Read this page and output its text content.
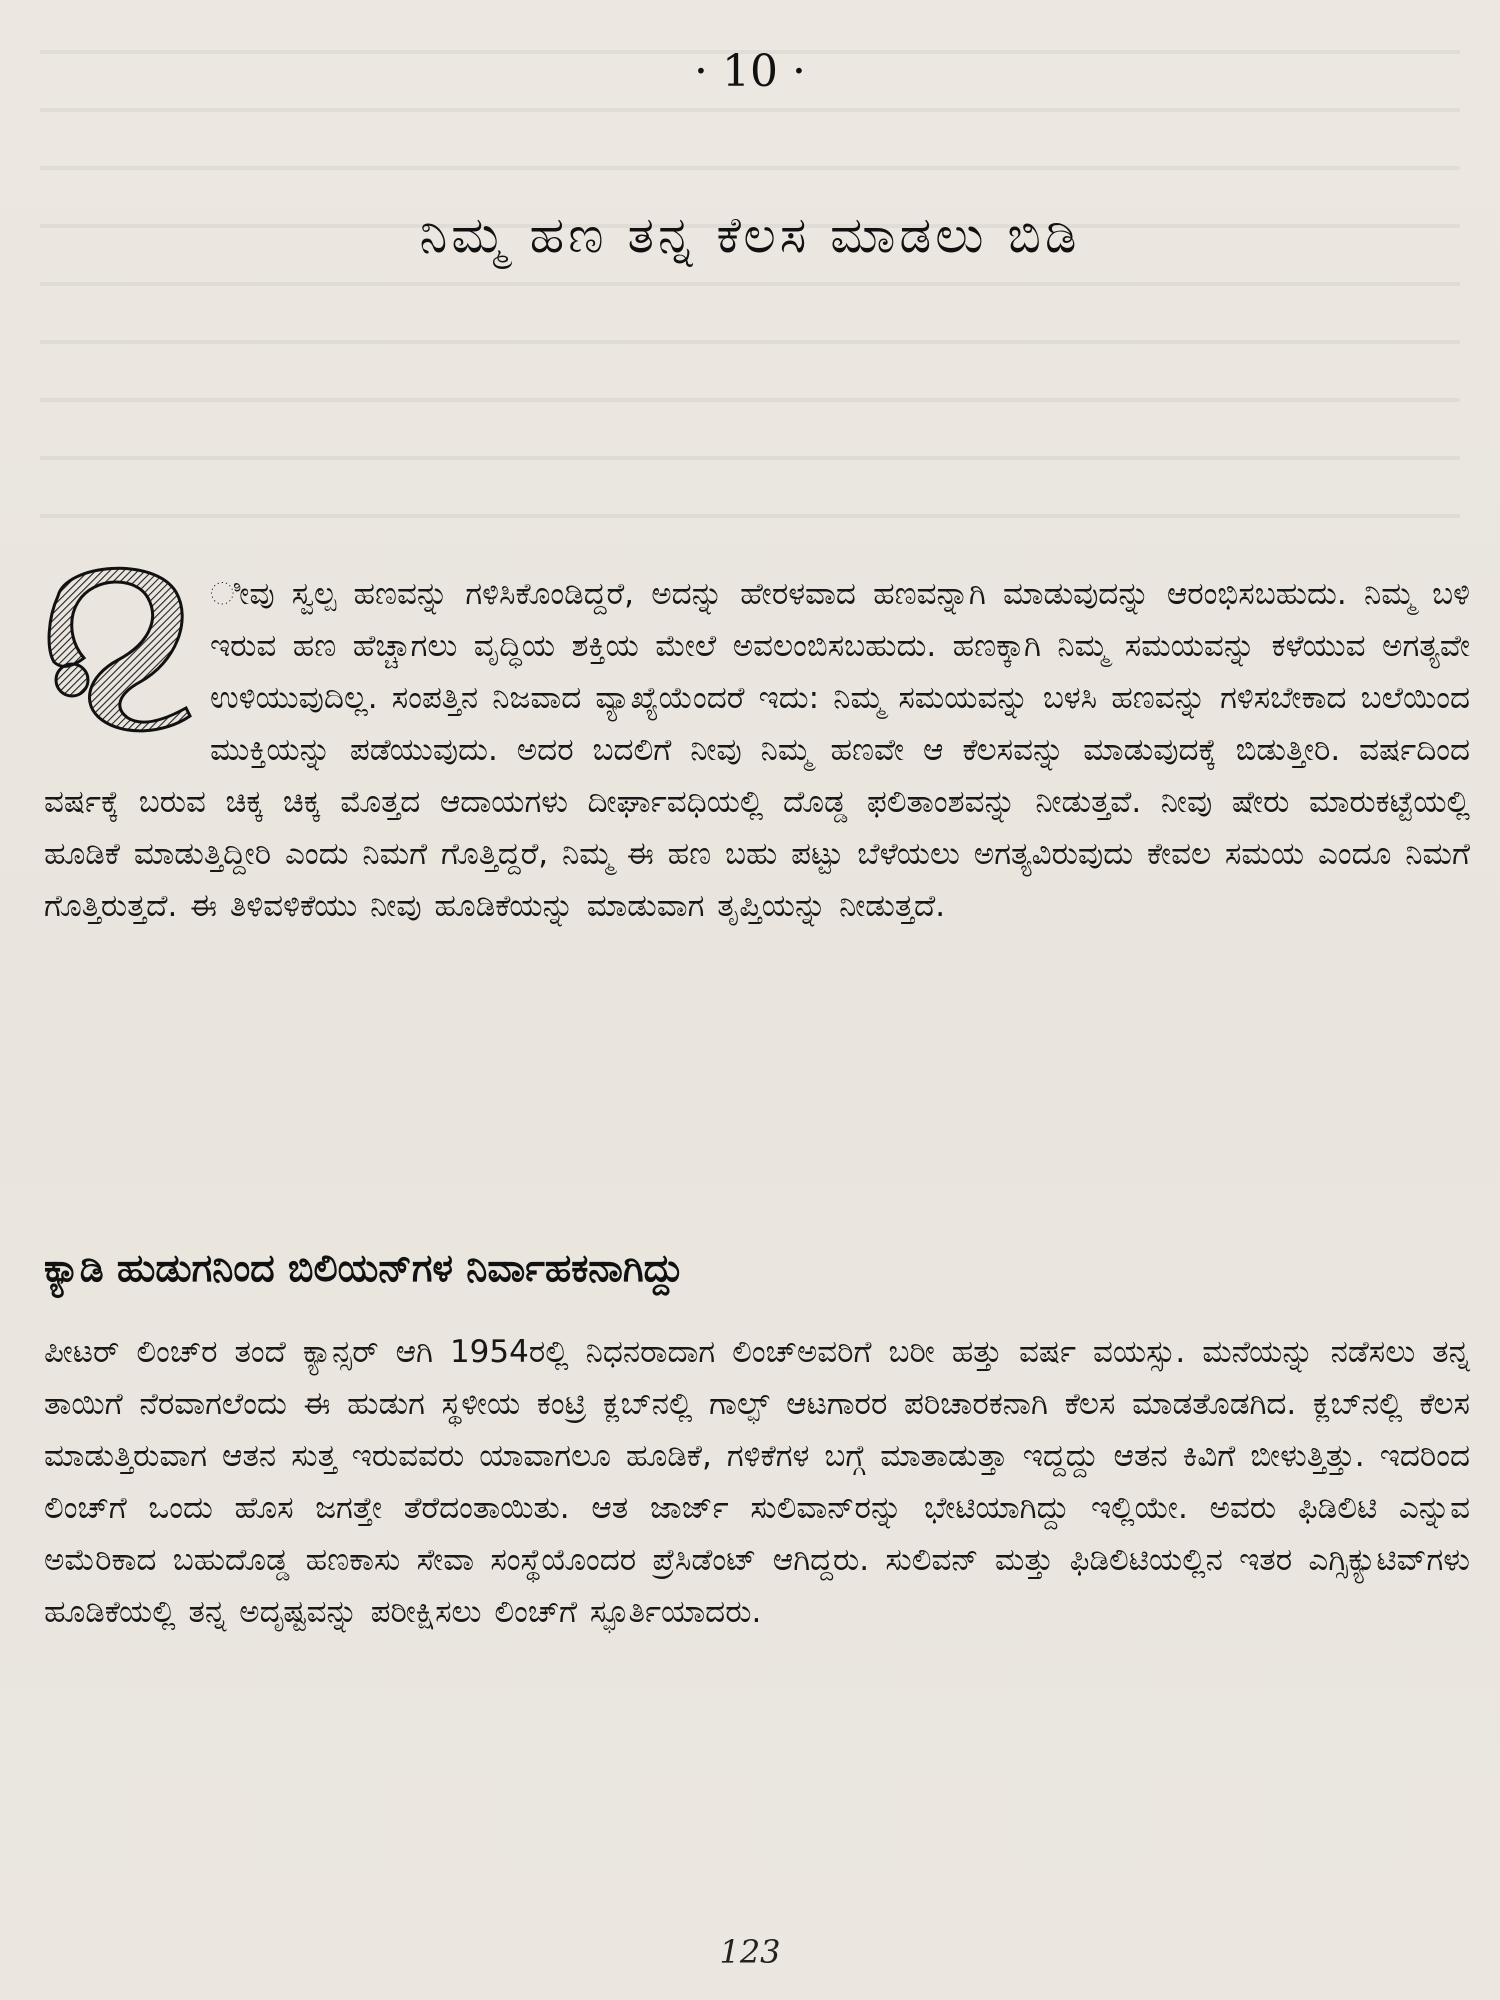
· 10 ·
ನಿಮ್ಮ ಹಣ ತನ್ನ ಕೆಲಸ ಮಾಡಲು ಬಿಡಿ

ೀವು ಸ್ವಲ್ಪ ಹಣವನ್ನು ಗಳಿಸಿಕೊಂಡಿದ್ದರೆ, ಅದನ್ನು ಹೇರಳವಾದ ಹಣವನ್ನಾಗಿ ಮಾಡುವುದನ್ನು ಆರಂಭಿಸಬಹುದು. ನಿಮ್ಮ ಬಳಿ ಇರುವ ಹಣ ಹೆಚ್ಚಾಗಲು ವೃದ್ಧಿಯ ಶಕ್ತಿಯ ಮೇಲೆ ಅವಲಂಬಿಸಬಹುದು. ಹಣಕ್ಕಾಗಿ ನಿಮ್ಮ ಸಮಯವನ್ನು ಕಳೆಯುವ ಅಗತ್ಯವೇ ಉಳಿಯುವುದಿಲ್ಲ. ಸಂಪತ್ತಿನ ನಿಜವಾದ ವ್ಯಾಖ್ಯೆಯೆಂದರೆ ಇದು: ನಿಮ್ಮ ಸಮಯವನ್ನು ಬಳಸಿ ಹಣವನ್ನು ಗಳಿಸಬೇಕಾದ ಬಲೆಯಿಂದ ಮುಕ್ತಿಯನ್ನು ಪಡೆಯುವುದು. ಅದರ ಬದಲಿಗೆ ನೀವು ನಿಮ್ಮ ಹಣವೇ ಆ ಕೆಲಸವನ್ನು ಮಾಡುವುದಕ್ಕೆ ಬಿಡುತ್ತೀರಿ. ವರ್ಷದಿಂದ ವರ್ಷಕ್ಕೆ ಬರುವ ಚಿಕ್ಕ ಚಿಕ್ಕ ಮೊತ್ತದ ಆದಾಯಗಳು ದೀರ್ಘಾವಧಿಯಲ್ಲಿ ದೊಡ್ಡ ಫಲಿತಾಂಶವನ್ನು ನೀಡುತ್ತವೆ. ನೀವು ಷೇರು ಮಾರುಕಟ್ಟೆಯಲ್ಲಿ ಹೂಡಿಕೆ ಮಾಡುತ್ತಿದ್ದೀರಿ ಎಂದು ನಿಮಗೆ ಗೊತ್ತಿದ್ದರೆ, ನಿಮ್ಮ ಈ ಹಣ ಬಹು ಪಟ್ಟು ಬೆಳೆಯಲು ಅಗತ್ಯವಿರುವುದು ಕೇವಲ ಸಮಯ ಎಂದೂ ನಿಮಗೆ ಗೊತ್ತಿರುತ್ತದೆ. ಈ ತಿಳಿವಳಿಕೆಯು ನೀವು ಹೂಡಿಕೆಯನ್ನು ಮಾಡುವಾಗ ತೃಪ್ತಿಯನ್ನು ನೀಡುತ್ತದೆ.

ಕ್ಯಾಡಿ ಹುಡುಗನಿಂದ ಬಿಲಿಯನ್‌ಗಳ ನಿರ್ವಾಹಕನಾಗಿದ್ದು

ಪೀಟರ್ ಲಿಂಚ್‌ರ ತಂದೆ ಕ್ಯಾನ್ಸರ್ ಆಗಿ 1954ರಲ್ಲಿ ನಿಧನರಾದಾಗ ಲಿಂಚ್‌ಅವರಿಗೆ ಬರೀ ಹತ್ತು ವರ್ಷ ವಯಸ್ಸು. ಮನೆಯನ್ನು ನಡೆಸಲು ತನ್ನ ತಾಯಿಗೆ ನೆರವಾಗಲೆಂದು ಈ ಹುಡುಗ ಸ್ಥಳೀಯ ಕಂಟ್ರಿ ಕ್ಲಬ್‌ನಲ್ಲಿ ಗಾಲ್ಫ್ ಆಟಗಾರರ ಪರಿಚಾರಕನಾಗಿ ಕೆಲಸ ಮಾಡತೊಡಗಿದ. ಕ್ಲಬ್‌ನಲ್ಲಿ ಕೆಲಸ ಮಾಡುತ್ತಿರುವಾಗ ಆತನ ಸುತ್ತ ಇರುವವರು ಯಾವಾಗಲೂ ಹೂಡಿಕೆ, ಗಳಿಕೆಗಳ ಬಗ್ಗೆ ಮಾತಾಡುತ್ತಾ ಇದ್ದದ್ದು ಆತನ ಕಿವಿಗೆ ಬೀಳುತ್ತಿತ್ತು. ಇದರಿಂದ ಲಿಂಚ್‌ಗೆ ಒಂದು ಹೊಸ ಜಗತ್ತೇ ತೆರೆದಂತಾಯಿತು. ಆತ ಜಾರ್ಜ್ ಸುಲಿವಾನ್‌ರನ್ನು ಭೇಟಿಯಾಗಿದ್ದು ಇಲ್ಲಿಯೇ. ಅವರು ಫಿಡಿಲಿಟಿ ಎನ್ನುವ ಅಮೆರಿಕಾದ ಬಹುದೊಡ್ಡ ಹಣಕಾಸು ಸೇವಾ ಸಂಸ್ಥೆಯೊಂದರ ಪ್ರೆಸಿಡೆಂಟ್ ಆಗಿದ್ದರು. ಸುಲಿವನ್ ಮತ್ತು ಫಿಡಿಲಿಟಿಯಲ್ಲಿನ ಇತರ ಎಗ್ಸಿಕ್ಯುಟಿವ್‌ಗಳು ಹೂಡಿಕೆಯಲ್ಲಿ ತನ್ನ ಅದೃಷ್ಟವನ್ನು ಪರೀಕ್ಷಿಸಲು ಲಿಂಚ್‌ಗೆ ಸ್ಫೂರ್ತಿಯಾದರು.

123
